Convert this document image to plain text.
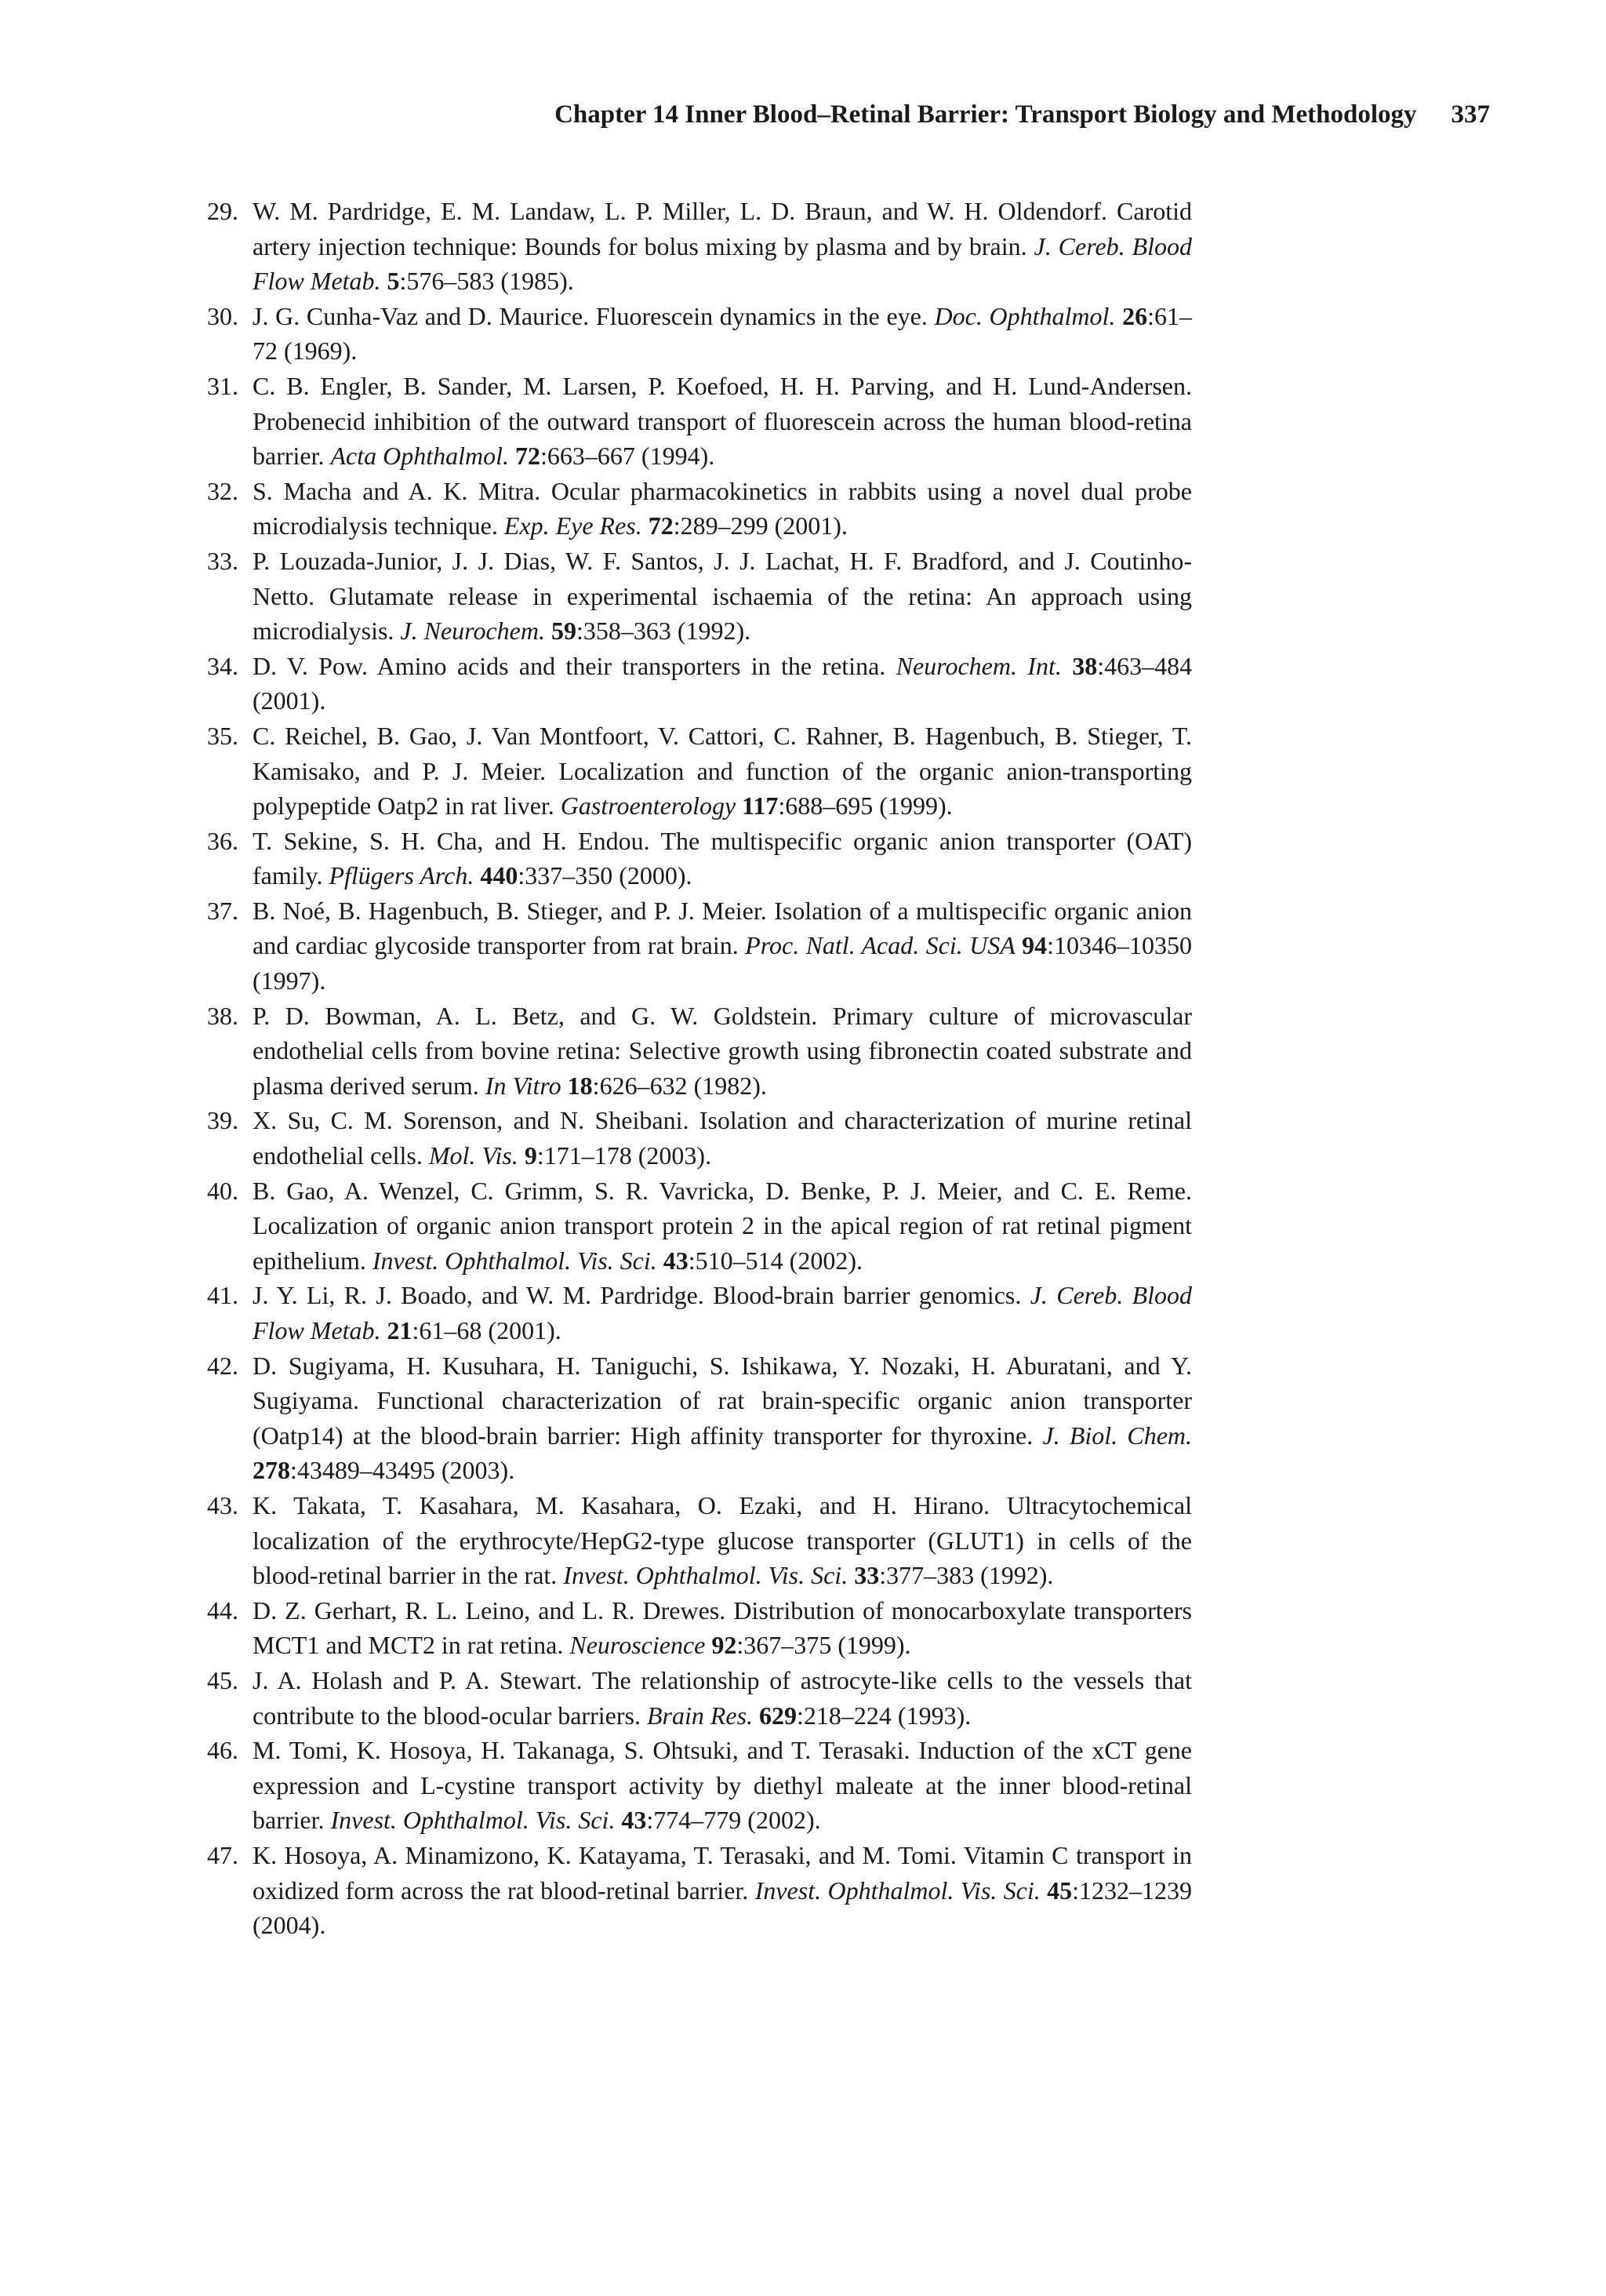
Chapter 14 Inner Blood–Retinal Barrier: Transport Biology and Methodology 337
29. W. M. Pardridge, E. M. Landaw, L. P. Miller, L. D. Braun, and W. H. Oldendorf. Carotid artery injection technique: Bounds for bolus mixing by plasma and by brain. J. Cereb. Blood Flow Metab. 5:576–583 (1985).
30. J. G. Cunha-Vaz and D. Maurice. Fluorescein dynamics in the eye. Doc. Ophthalmol. 26:61–72 (1969).
31. C. B. Engler, B. Sander, M. Larsen, P. Koefoed, H. H. Parving, and H. Lund-Andersen. Probenecid inhibition of the outward transport of fluorescein across the human blood-retina barrier. Acta Ophthalmol. 72:663–667 (1994).
32. S. Macha and A. K. Mitra. Ocular pharmacokinetics in rabbits using a novel dual probe microdialysis technique. Exp. Eye Res. 72:289–299 (2001).
33. P. Louzada-Junior, J. J. Dias, W. F. Santos, J. J. Lachat, H. F. Bradford, and J. Coutinho-Netto. Glutamate release in experimental ischaemia of the retina: An approach using microdialysis. J. Neurochem. 59:358–363 (1992).
34. D. V. Pow. Amino acids and their transporters in the retina. Neurochem. Int. 38:463–484 (2001).
35. C. Reichel, B. Gao, J. Van Montfoort, V. Cattori, C. Rahner, B. Hagenbuch, B. Stieger, T. Kamisako, and P. J. Meier. Localization and function of the organic anion-transporting polypeptide Oatp2 in rat liver. Gastroenterology 117:688–695 (1999).
36. T. Sekine, S. H. Cha, and H. Endou. The multispecific organic anion transporter (OAT) family. Pflügers Arch. 440:337–350 (2000).
37. B. Noé, B. Hagenbuch, B. Stieger, and P. J. Meier. Isolation of a multispecific organic anion and cardiac glycoside transporter from rat brain. Proc. Natl. Acad. Sci. USA 94:10346–10350 (1997).
38. P. D. Bowman, A. L. Betz, and G. W. Goldstein. Primary culture of microvascular endothelial cells from bovine retina: Selective growth using fibronectin coated substrate and plasma derived serum. In Vitro 18:626–632 (1982).
39. X. Su, C. M. Sorenson, and N. Sheibani. Isolation and characterization of murine retinal endothelial cells. Mol. Vis. 9:171–178 (2003).
40. B. Gao, A. Wenzel, C. Grimm, S. R. Vavricka, D. Benke, P. J. Meier, and C. E. Reme. Localization of organic anion transport protein 2 in the apical region of rat retinal pigment epithelium. Invest. Ophthalmol. Vis. Sci. 43:510–514 (2002).
41. J. Y. Li, R. J. Boado, and W. M. Pardridge. Blood-brain barrier genomics. J. Cereb. Blood Flow Metab. 21:61–68 (2001).
42. D. Sugiyama, H. Kusuhara, H. Taniguchi, S. Ishikawa, Y. Nozaki, H. Aburatani, and Y. Sugiyama. Functional characterization of rat brain-specific organic anion transporter (Oatp14) at the blood-brain barrier: High affinity transporter for thyroxine. J. Biol. Chem. 278:43489–43495 (2003).
43. K. Takata, T. Kasahara, M. Kasahara, O. Ezaki, and H. Hirano. Ultracytochemical localization of the erythrocyte/HepG2-type glucose transporter (GLUT1) in cells of the blood-retinal barrier in the rat. Invest. Ophthalmol. Vis. Sci. 33:377–383 (1992).
44. D. Z. Gerhart, R. L. Leino, and L. R. Drewes. Distribution of monocarboxylate transporters MCT1 and MCT2 in rat retina. Neuroscience 92:367–375 (1999).
45. J. A. Holash and P. A. Stewart. The relationship of astrocyte-like cells to the vessels that contribute to the blood-ocular barriers. Brain Res. 629:218–224 (1993).
46. M. Tomi, K. Hosoya, H. Takanaga, S. Ohtsuki, and T. Terasaki. Induction of the xCT gene expression and L-cystine transport activity by diethyl maleate at the inner blood-retinal barrier. Invest. Ophthalmol. Vis. Sci. 43:774–779 (2002).
47. K. Hosoya, A. Minamizono, K. Katayama, T. Terasaki, and M. Tomi. Vitamin C transport in oxidized form across the rat blood-retinal barrier. Invest. Ophthalmol. Vis. Sci. 45:1232–1239 (2004).
